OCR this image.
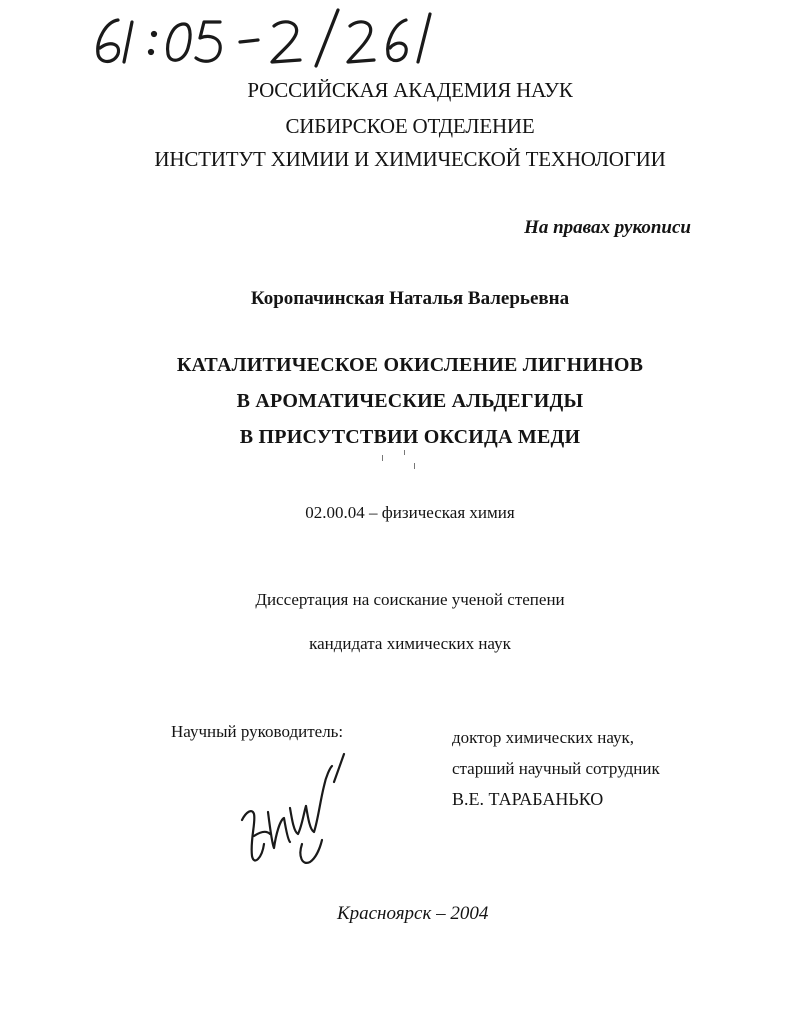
61:05-2/261
РОССИЙСКАЯ АКАДЕМИЯ НАУК
СИБИРСКОЕ ОТДЕЛЕНИЕ
ИНСТИТУТ ХИМИИ И ХИМИЧЕСКОЙ ТЕХНОЛОГИИ
На правах рукописи
Коропачинская Наталья Валерьевна
КАТАЛИТИЧЕСКОЕ ОКИСЛЕНИЕ ЛИГНИНОВ
В АРОМАТИЧЕСКИЕ АЛЬДЕГИДЫ
В ПРИСУТСТВИИ ОКСИДА МЕДИ
02.00.04 – физическая химия
Диссертация на соискание ученой степени
кандидата химических наук
Научный руководитель:	доктор химических наук,
старший научный сотрудник
В.Е. ТАРАБАНЬКО
Красноярск – 2004
